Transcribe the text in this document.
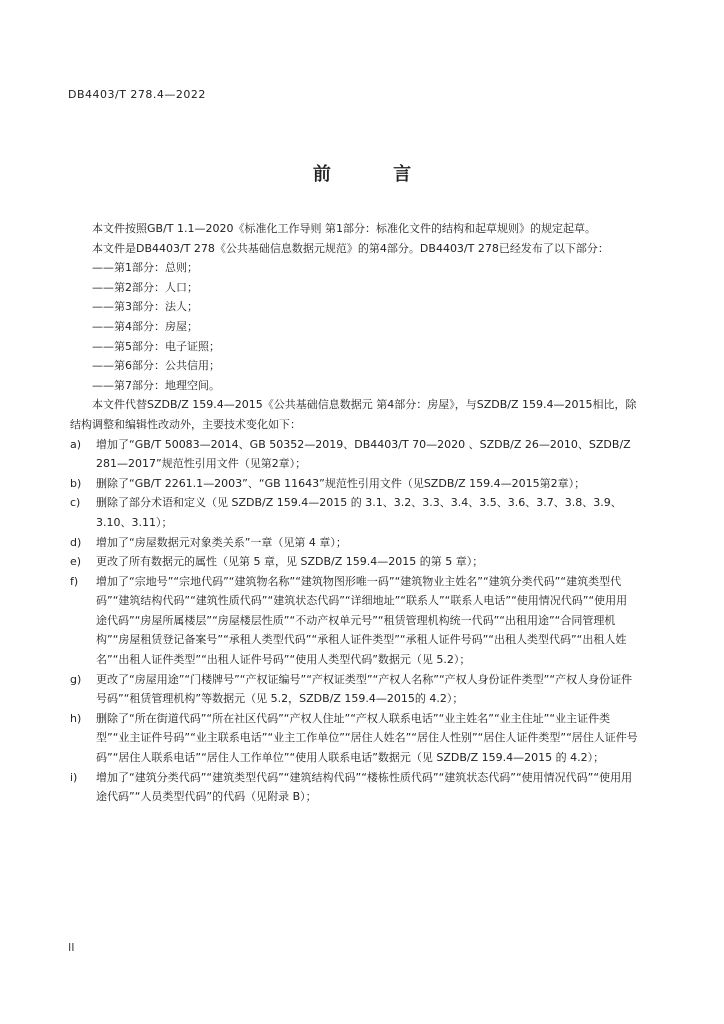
DB4403/T 278.4—2022
前 言

本文件按照GB/T 1.1—2020《标准化工作导则 第1部分：标准化文件的结构和起草规则》的规定起草。

本文件是DB4403/T 278《公共基础信息数据元规范》的第4部分。DB4403/T 278已经发布了以下部分：

——第1部分：总则；

——第2部分：人口；

——第3部分：法人；

——第4部分：房屋；

——第5部分：电子证照；

——第6部分：公共信用；

——第7部分：地理空间。

本文件代替SZDB/Z 159.4—2015《公共基础信息数据元 第4部分：房屋》，与SZDB/Z 159.4—2015相比，除结构调整和编辑性改动外，主要技术变化如下：

a)	增加了“GB/T 50083—2014、GB 50352—2019、DB4403/T 70—2020 、SZDB/Z 26—2010、SZDB/Z 281—2017”规范性引用文件（见第2章）；
b)	删除了“GB/T 2261.1—2003”、“GB 11643”规范性引用文件（见SZDB/Z 159.4—2015第2章）；
c)	删除了部分术语和定义（见 SZDB/Z 159.4—2015 的 3.1、3.2、3.3、3.4、3.5、3.6、3.7、3.8、3.9、3.10、3.11）；
d)	增加了“房屋数据元对象类关系”一章（见第 4 章）；
e)	更改了所有数据元的属性（见第 5 章，见 SZDB/Z 159.4—2015 的第 5 章）；
f)	增加了“宗地号”“宗地代码”“建筑物名称”“建筑物图形唯一码”“建筑物业主姓名”“建筑分类代码”“建筑类型代码”“建筑结构代码”“建筑性质代码”“建筑状态代码”“详细地址”“联系人”“联系人电话”“使用情况代码”“使用用途代码”“房屋所属楼层”“房屋楼层性质”“不动产权单元号”“租赁管理机构统一代码”“出租用途”“合同管理机构”“房屋租赁登记备案号”“承租人类型代码”“承租人证件类型”“承租人证件号码”“出租人类型代码”“出租人姓名”“出租人证件类型”“出租人证件号码”“使用人类型代码”数据元（见 5.2）；
g)	更改了“房屋用途”“门楼牌号”“产权证编号”“产权证类型”“产权人名称”“产权人身份证件类型”“产权人身份证件号码”“租赁管理机构”等数据元（见 5.2，SZDB/Z 159.4—2015的 4.2）；
h)	删除了“所在街道代码”“所在社区代码”“产权人住址”“产权人联系电话”“业主姓名”“业主住址”“业主证件类型”“业主证件号码”“业主联系电话”“业主工作单位”“居住人姓名”“居住人性别”“居住人证件类型”“居住人证件号码”“居住人联系电话”“居住人工作单位”“使用人联系电话”数据元（见 SZDB/Z 159.4—2015 的 4.2）；
i)	增加了“建筑分类代码”“建筑类型代码”“建筑结构代码”“楼栋性质代码”“建筑状态代码”“使用情况代码”“使用用途代码”“人员类型代码”的代码（见附录 B）；
II
